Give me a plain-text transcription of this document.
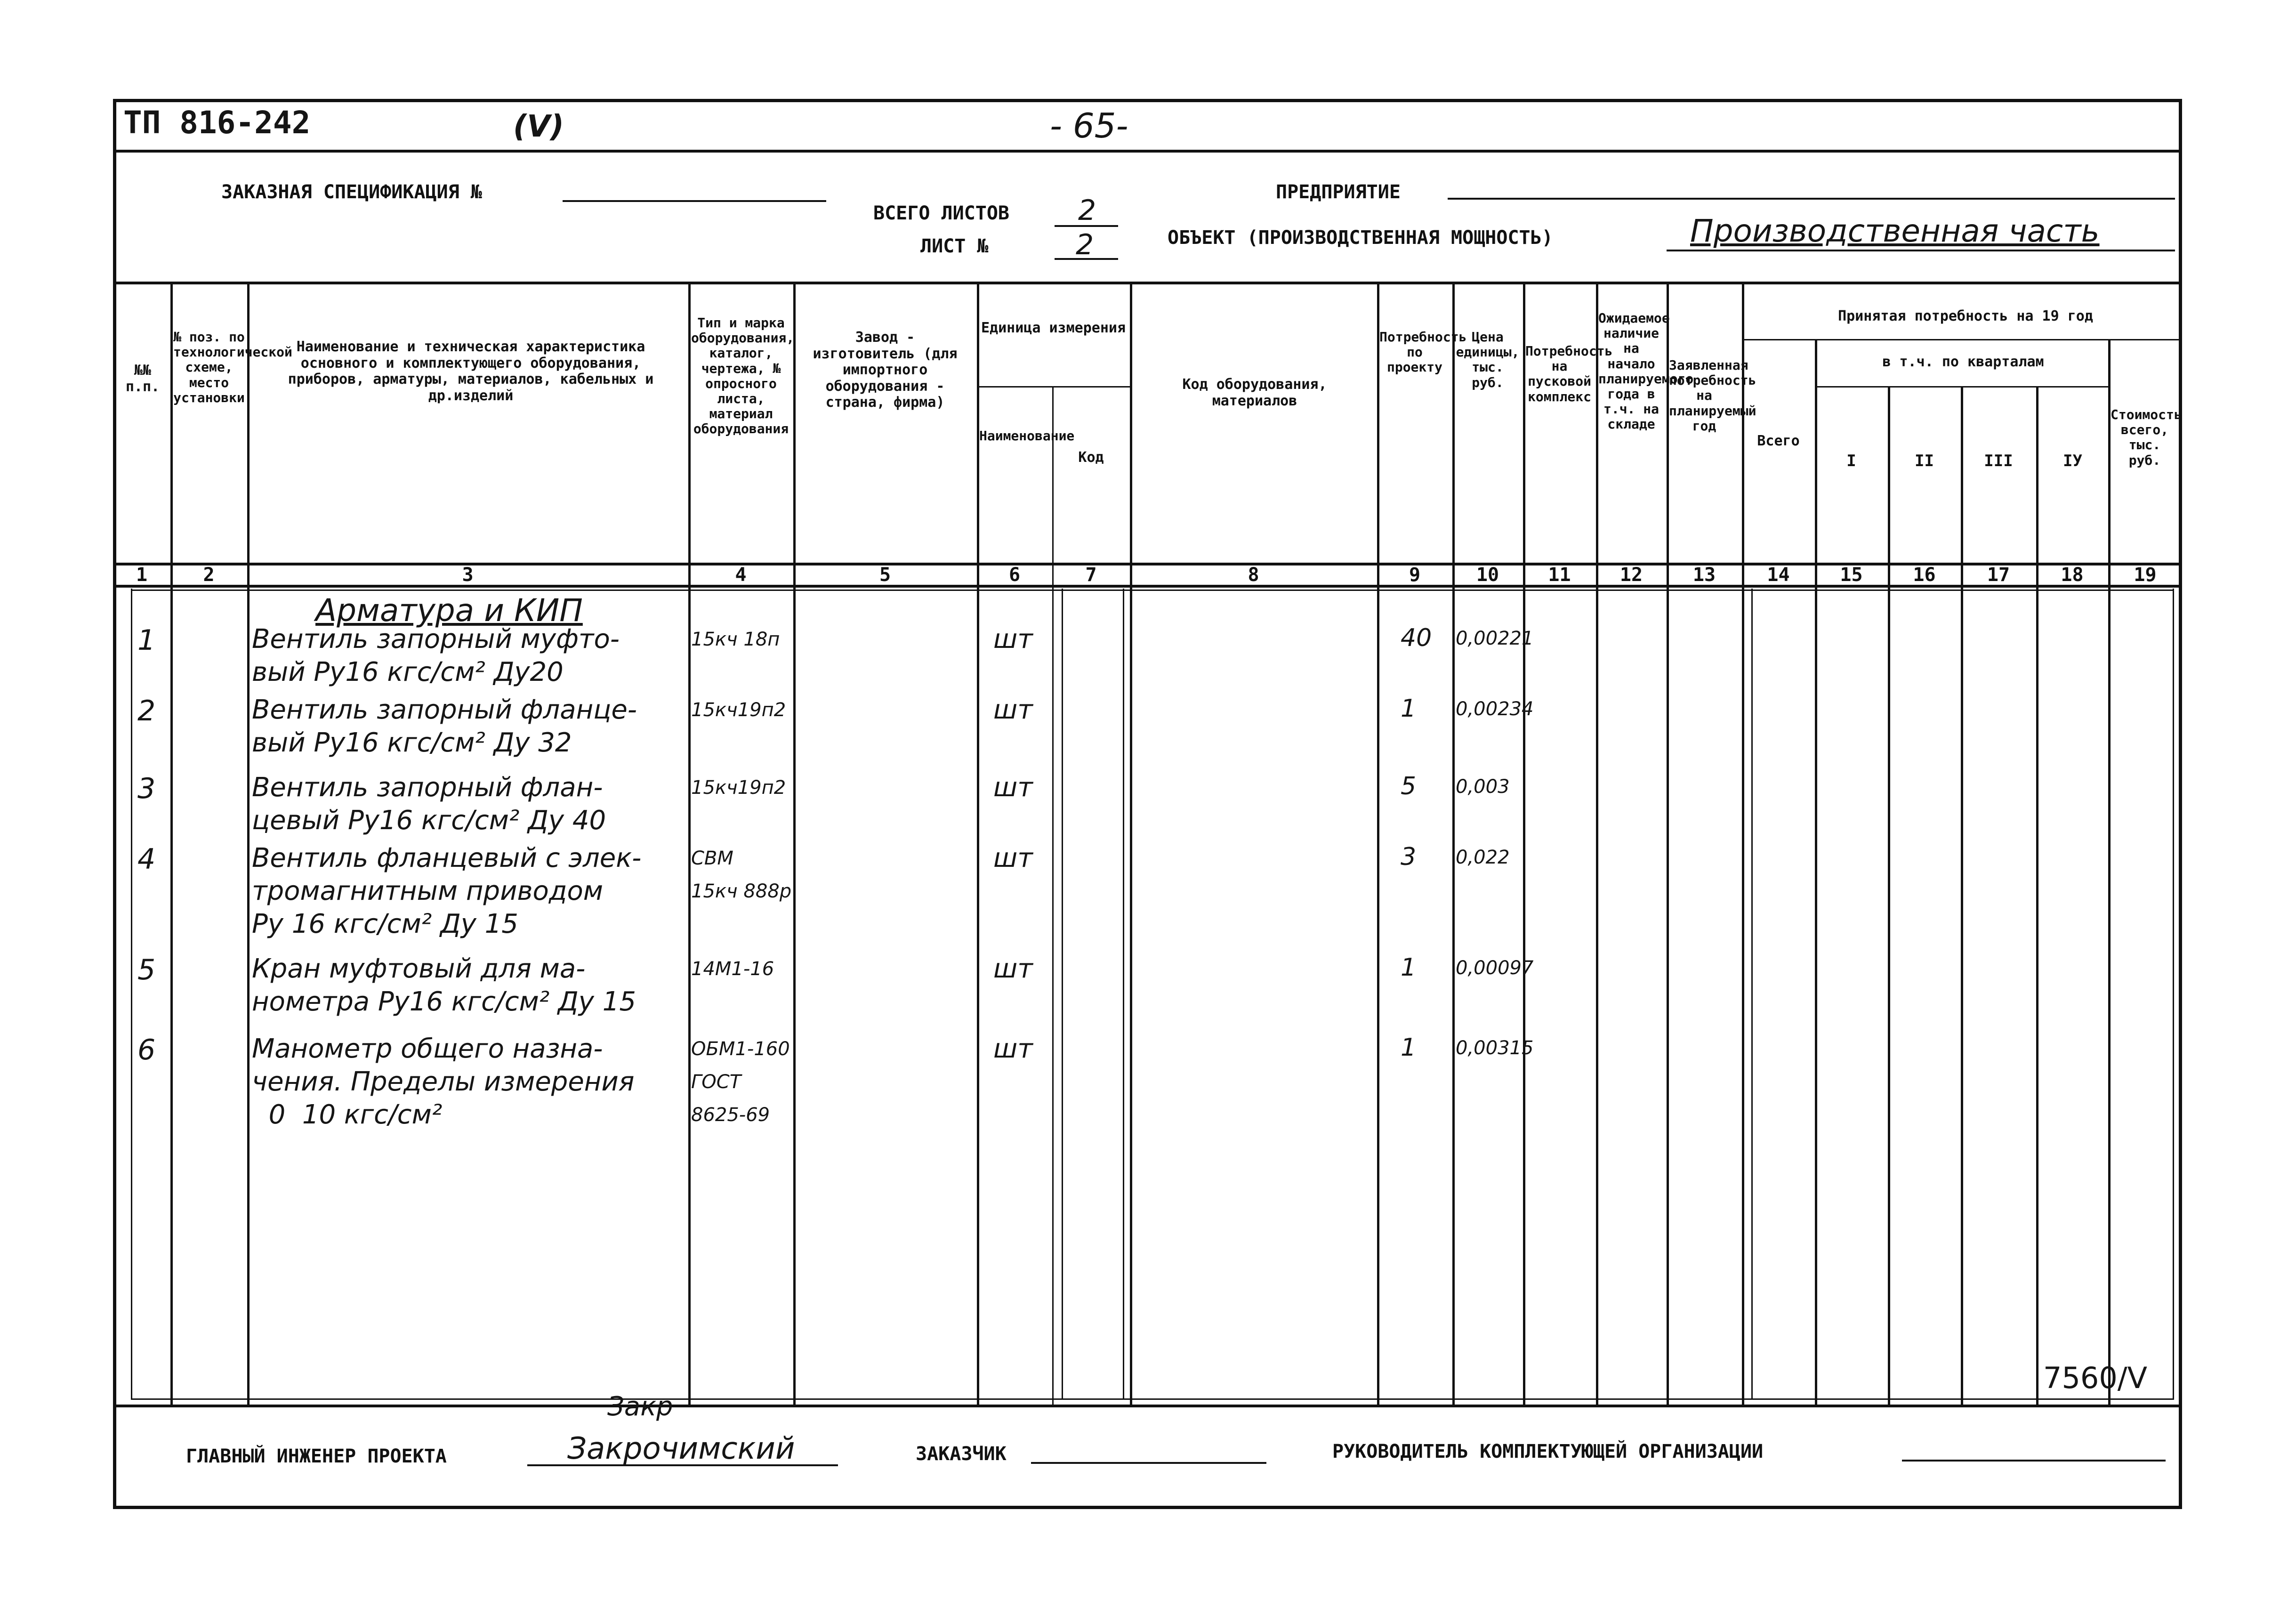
ТП 816-242	(V)	- 65-
ЗАКАЗНАЯ СПЕЦИФИКАЦИЯ №
ВСЕГО ЛИСТОВ 2
ЛИСТ №	2
ПРЕДПРИЯТИЕ
ОБЪЕКТ (ПРОИЗВОДСТВЕННАЯ МОЩНОСТЬ)	Производственная часть
№№ п.п.
№ поз. по технологической схеме, место установки
Наименование и техническая характеристика основного и комплектующего оборудования, приборов, арматуры, материалов, кабельных и др.изделий
Тип и марка оборудования, каталог, чертежа, № опросного листа, материал оборудования
Завод - изготовитель (для импортного оборудования - страна, фирма)
Единица измерения
Наименование
Код
Код оборудования, материалов
Потребность по проекту
Цена единицы, тыс. руб.
Потребность на пусковой комплекс
Ожидаемое наличие на начало планируемого года в т.ч. на складе
Заявленная потребность на планируемый год
Принятая потребность на 19 год
в т.ч. по кварталам
Всего
I	II	III	IУ
Стоимость всего, тыс. руб.
1	2	3	4	5	6	7	8	9	10	11	12	13	14	15	16	17	18	19
Арматура и КИП
1	Вентиль запорный муфто-
вый Ру16 кгс/см² Ду20
15кч 18п	шт	40 0,00221
2	Вентиль запорный фланце-
вый Ру16 кгс/см² Ду 32
15кч19п2	шт	1 0,00234
3	Вентиль запорный флан-
цевый Ру16 кгс/см² Ду 40
15кч19п2	шт	5 0,003
4	Вентиль фланцевый с элек-
тромагнитным приводом
Ру 16 кгс/см² Ду 15
СВМ
15кч 888р
шт	3 0,022
5	Кран муфтовый для ма-
нометра Ру16 кгс/см² Ду 15
14М1-16	шт	1 0,00097
6	Манометр общего назна-
чения. Пределы измерения
0  10 кгс/см²
ОБМ1-160
ГОСТ
8625-69
шт	1 0,00315
7560/V
ГЛАВНЫЙ ИНЖЕНЕР ПРОЕКТА
Закр
Закрочимский	ЗАКАЗЧИК	РУКОВОДИТЕЛЬ КОМПЛЕКТУЮЩЕЙ ОРГАНИЗАЦИИ
